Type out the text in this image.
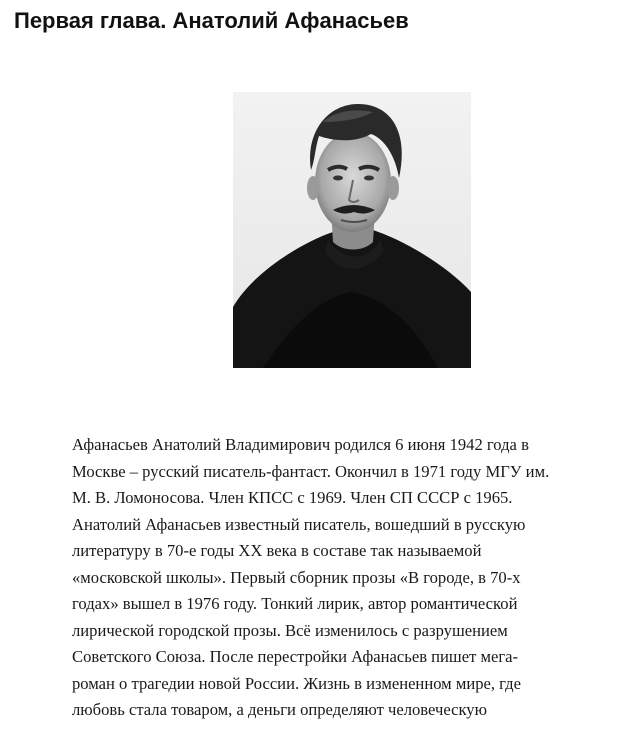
Первая глава. Анатолий Афанасьев
Афанасьев Анатолий Владимирович родился 6 июня 1942 года в
Москве – русский писатель-фантаст. Окончил в 1971 году МГУ им.
М. В. Ломоносова. Член КПСС с 1969. Член СП СССР с 1965.
Анатолий Афанасьев известный писатель, вошедший в русскую
литературу в 70-е годы XX века в составе так называемой
«московской школы». Первый сборник прозы «В городе, в 70-х
годах» вышел в 1976 году. Тонкий лирик, автор романтической
лирической городской прозы. Всё изменилось с разрушением
Советского Союза. После перестройки Афанасьев пишет мега-
роман о трагедии новой России. Жизнь в измененном мире, где
любовь стала товаром, а деньги определяют человеческую
